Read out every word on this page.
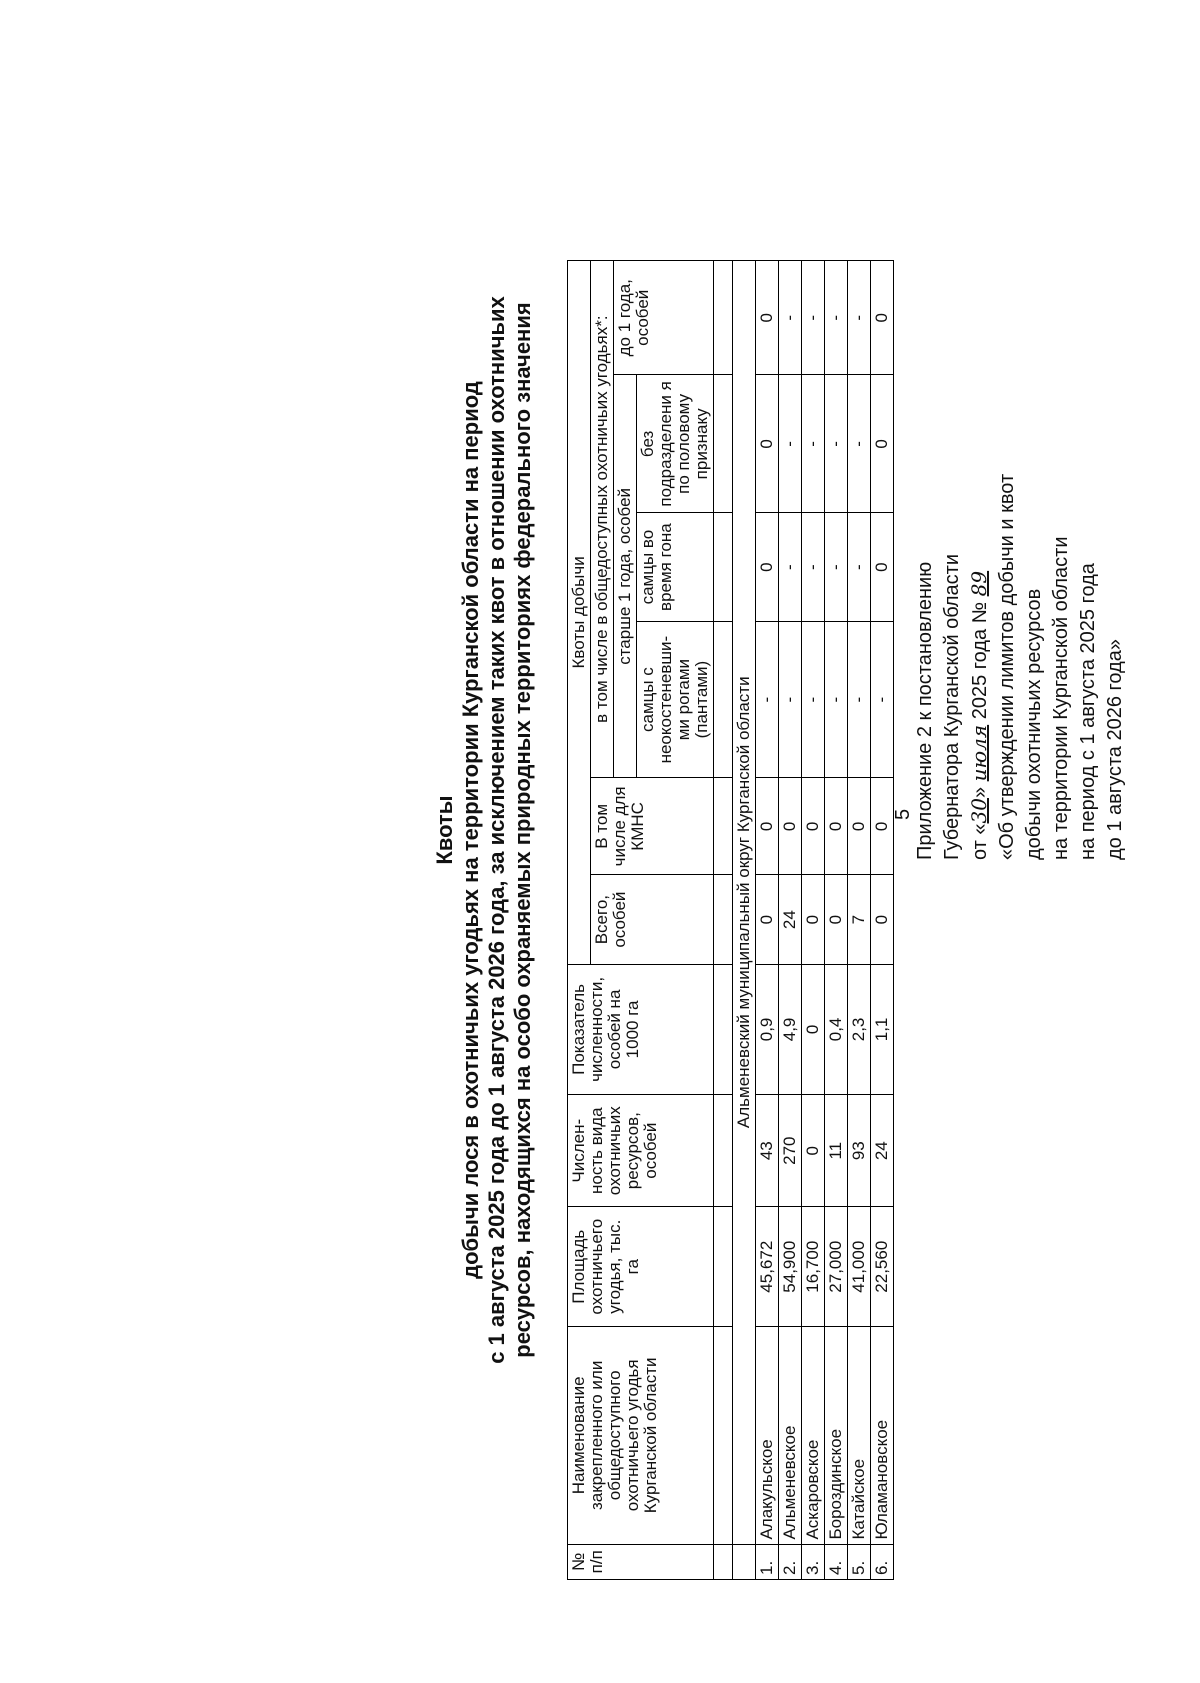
5 Приложение 2 к постановлению Губернатора Курганской области от «30» июля 2025 года № 89 «Об утверждении лимитов добычи и квот добычи охотничьих ресурсов на территории Курганской области на период с 1 августа 2025 года до 1 августа 2026 года»
Квоты добычи лося в охотничьих угодьях на территории Курганской области на период с 1 августа 2025 года до 1 августа 2026 года, за исключением таких квот в отношении охотничьих ресурсов, находящихся на особо охраняемых природных территориях федерального значения
№ п/п	Наименование закрепленного или общедоступного охотничьего угодья Курганской области	Площадь охотничьего угодья, тыс. га	Числен-ность вида охотничьих ресурсов, особей	Показатель численности, особей на 1000 га	Квоты добычи					
					Всего, особей	В том числе для КМНС	в том числе в общедоступных охотничьих угодьях*:			
							старше 1 года, особей			до 1 года, особей
							самцы с неокостеневши-ми рогами (пантами)	самцы во время гона	без подразделени я по половому признаку	

	Альменевский муниципальный округ Курганской области									
1.	Алакульское	45,672	43	0,9	0	0	-	0	0	0
2.	Альменевское	54,900	270	4,9	24	0	-	-	-	-
3.	Аскаровское	16,700	0	0	0	0	-	-	-	-
4.	Бороздинское	27,000	11	0,4	0	0	-	-	-	-
5.	Катайское	41,000	93	2,3	7	0	-	-	-	-
6.	Юламановское	22,560	24	1,1	0	0	-	0	0	0
